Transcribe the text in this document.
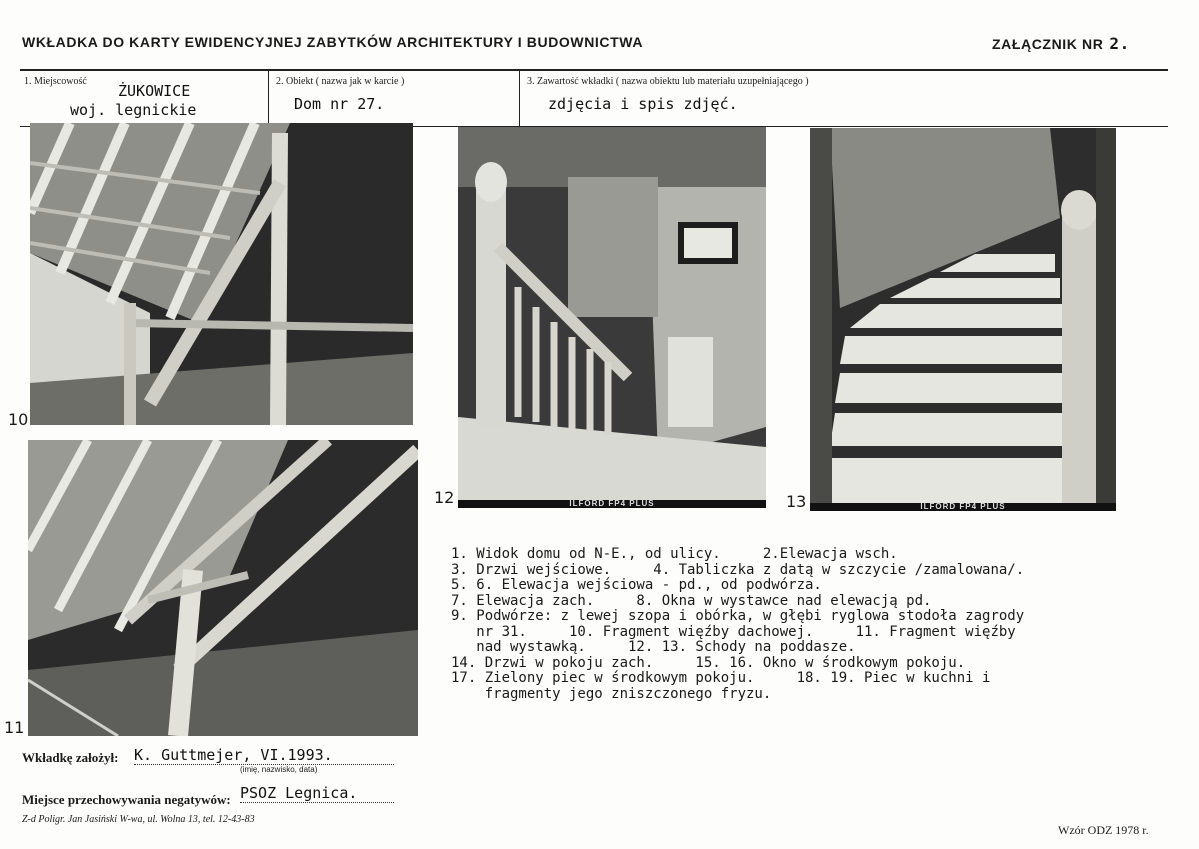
WKŁADKA DO KARTY EWIDENCYJNEJ ZABYTKÓW ARCHITEKTURY I BUDOWNICTWA	ZAŁĄCZNIK NR 2.
1. Miejscowość
ŻUKOWICE
woj. legnickie
2. Obiekt ( nazwa jak w karcie )
Dom nr 27.
3. Zawartość wkładki ( nazwa obiektu lub materiału uzupełniającego )
zdjęcia i spis zdjęć.
10
11
ILFORD FP4 PLUS
12	ILFORD FP4 PLUS
13
1. Widok domu od N-E., od ulicy.     2.Elewacja wsch.
3. Drzwi wejściowe.     4. Tabliczka z datą w szczycie /zamalowana/.
5. 6. Elewacja wejściowa - pd., od podwórza.
7. Elewacja zach.     8. Okna w wystawce nad elewacją pd.
9. Podwórze: z lewej szopa i obórka, w głębi ryglowa stodoła zagrody
nr 31.     10. Fragment więźby dachowej.     11. Fragment więźby
nad wystawką.     12. 13. Schody na poddasze.
14. Drzwi w pokoju zach.     15. 16. Okno w środkowym pokoju.
17. Zielony piec w środkowym pokoju.     18. 19. Piec w kuchni i
fragmenty jego zniszczonego fryzu.
Wkładkę założył: K. Guttmejer, VI.1993.
(imię, nazwisko, data)
Miejsce przechowywania negatywów: PSOZ Legnica.
Z-d Poligr. Jan Jasiński W-wa, ul. Wolna 13, tel. 12-43-83
Wzór ODZ 1978 r.
